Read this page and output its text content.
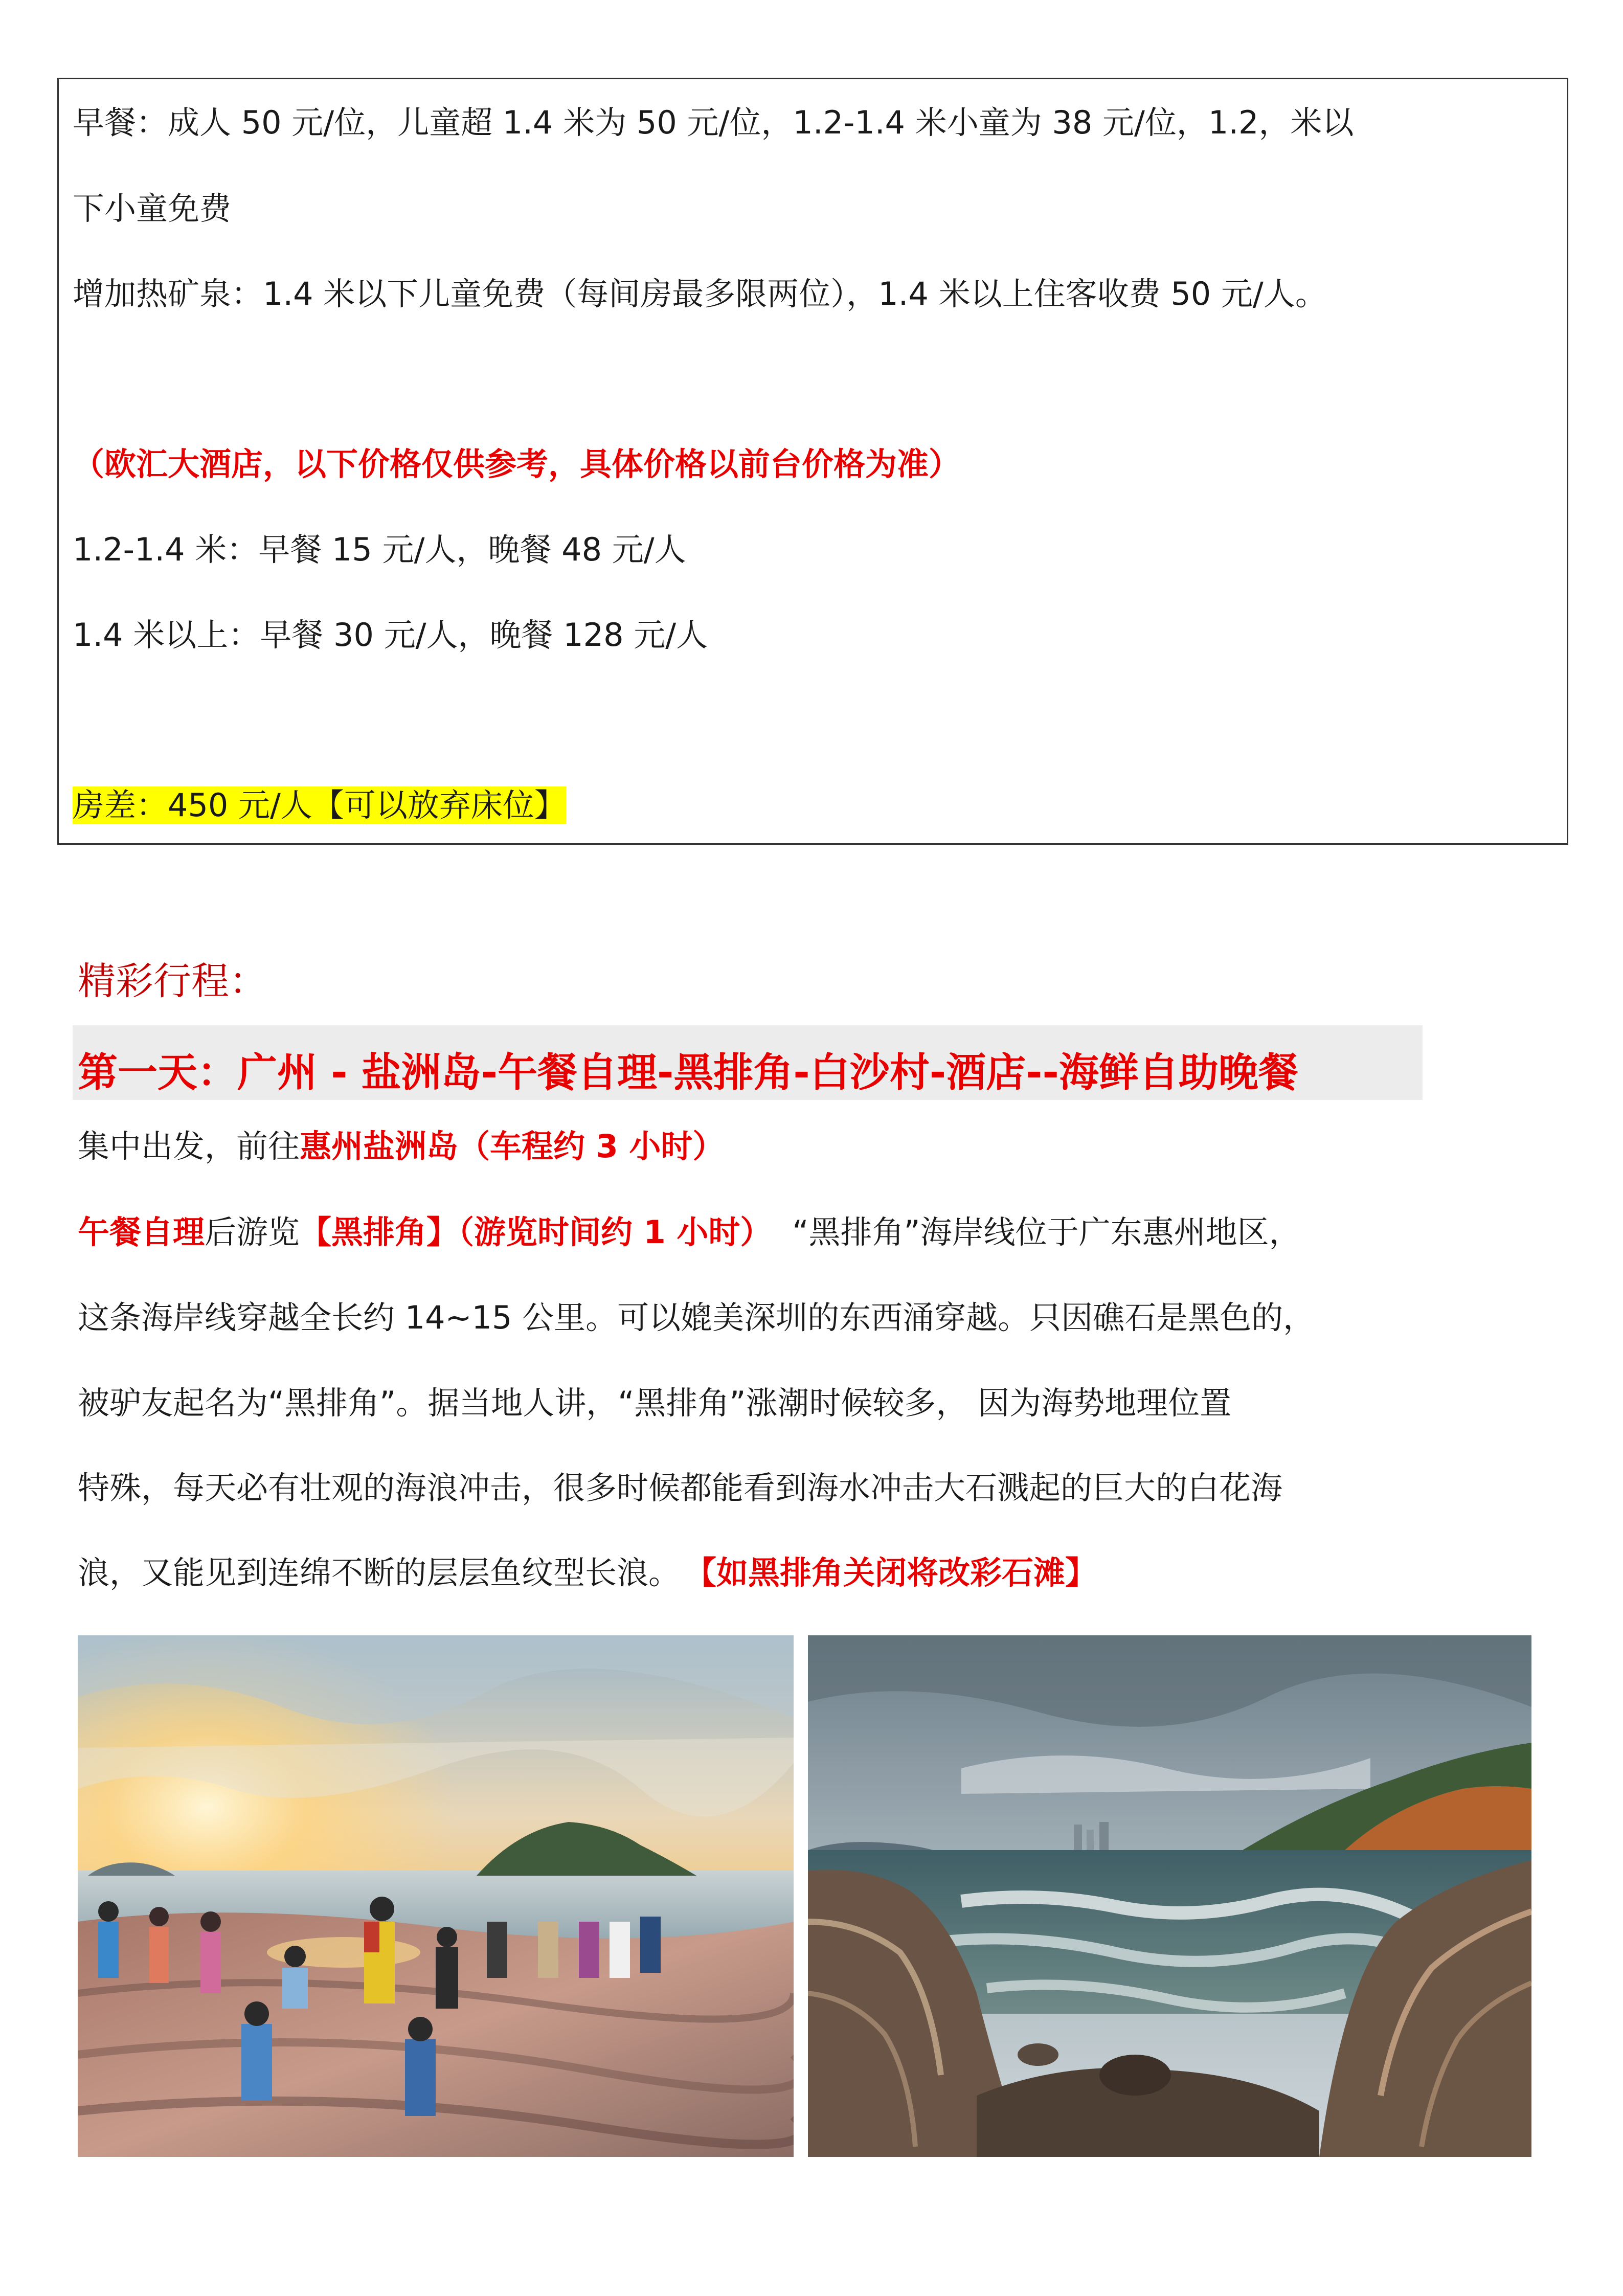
早餐：成人 50 元/位，儿童超 1.4 米为 50 元/位，1.2-1.4 米小童为 38 元/位，1.2，米以
下小童免费
增加热矿泉：1.4 米以下儿童免费（每间房最多限两位），1.4 米以上住客收费 50 元/人。
（欧汇大酒店，以下价格仅供参考，具体价格以前台价格为准）
1.2-1.4 米：早餐 15 元/人，晚餐 48 元/人
1.4 米以上：早餐 30 元/人，晚餐 128 元/人
房差：450 元/人【可以放弃床位】
精彩行程：
第一天：广州 - 盐洲岛-午餐自理-黑排角-白沙村-酒店--海鲜自助晚餐
集中出发，前往惠州盐洲岛（车程约 3 小时）
午餐自理后游览【黑排角】（游览时间约 1 小时） “黑排角”海岸线位于广东惠州地区，
这条海岸线穿越全长约 14~15 公里。可以媲美深圳的东西涌穿越。只因礁石是黑色的，
被驴友起名为“黑排角”。据当地人讲，“黑排角”涨潮时候较多， 因为海势地理位置
特殊，每天必有壮观的海浪冲击，很多时候都能看到海水冲击大石溅起的巨大的白花海
浪，又能见到连绵不断的层层鱼纹型长浪。 【如黑排角关闭将改彩石滩】
